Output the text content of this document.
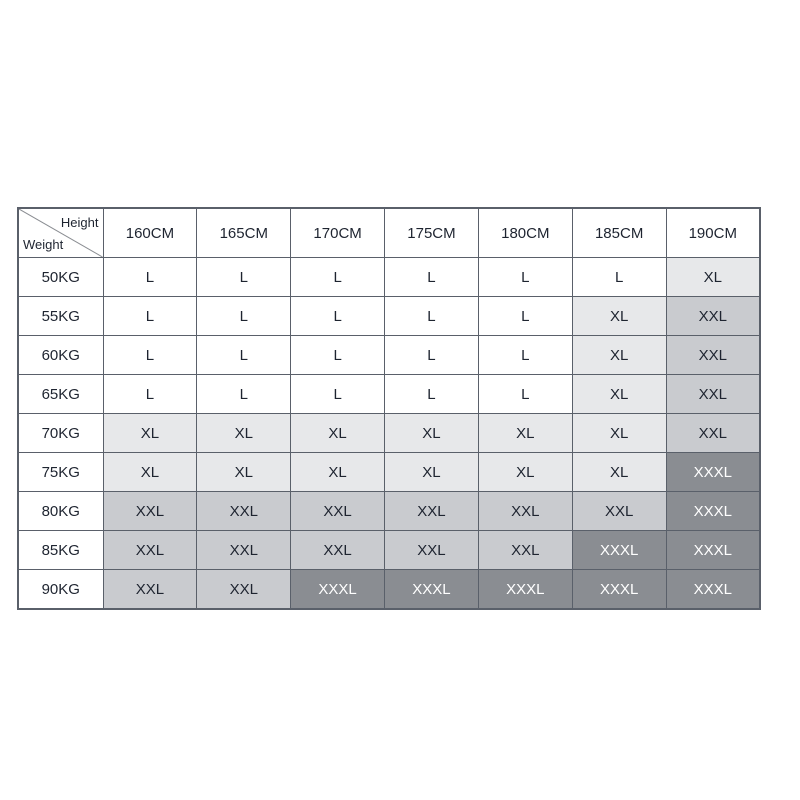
Height
Weight	160CM	165CM	170CM	175CM	180CM	185CM	190CM
50KG	L	L	L	L	L	L	XL
55KG	L	L	L	L	L	XL	XXL
60KG	L	L	L	L	L	XL	XXL
65KG	L	L	L	L	L	XL	XXL
70KG	XL	XL	XL	XL	XL	XL	XXL
75KG	XL	XL	XL	XL	XL	XL	XXXL
80KG	XXL	XXL	XXL	XXL	XXL	XXL	XXXL
85KG	XXL	XXL	XXL	XXL	XXL	XXXL	XXXL
90KG	XXL	XXL	XXXL	XXXL	XXXL	XXXL	XXXL
